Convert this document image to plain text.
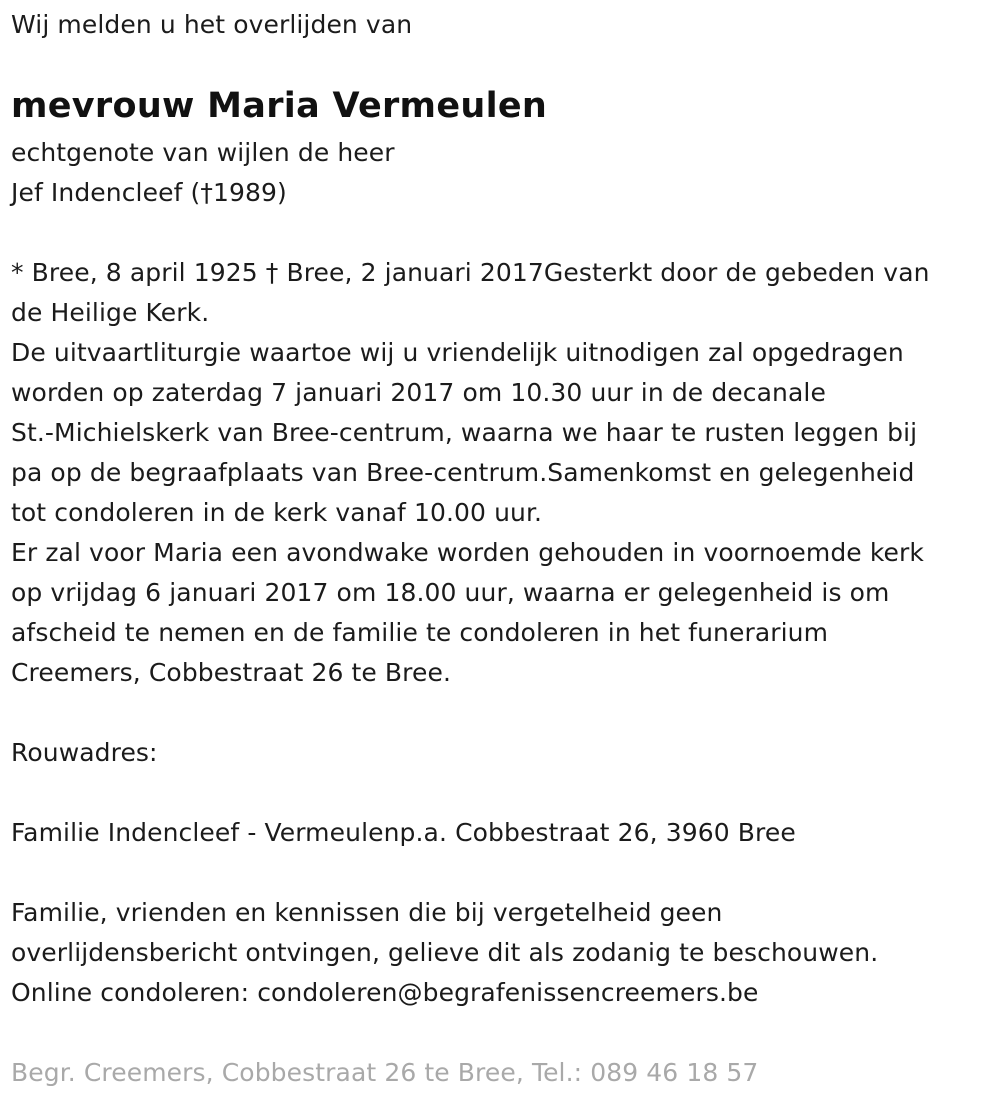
Wij melden u het overlijden van
mevrouw Maria Vermeulen
echtgenote van wijlen de heer
Jef Indencleef (†1989)
* Bree, 8 april 1925 † Bree, 2 januari 2017Gesterkt door de gebeden van
de Heilige Kerk.
De uitvaartliturgie waartoe wij u vriendelijk uitnodigen zal opgedragen
worden op zaterdag 7 januari 2017 om 10.30 uur in de decanale
St.-Michielskerk van Bree-centrum, waarna we haar te rusten leggen bij
pa op de begraafplaats van Bree-centrum.Samenkomst en gelegenheid
tot condoleren in de kerk vanaf 10.00 uur.
Er zal voor Maria een avondwake worden gehouden in voornoemde kerk
op vrijdag 6 januari 2017 om 18.00 uur, waarna er gelegenheid is om
afscheid te nemen en de familie te condoleren in het funerarium
Creemers, Cobbestraat 26 te Bree.
Rouwadres:
Familie Indencleef - Vermeulenp.a. Cobbestraat 26, 3960 Bree
Familie, vrienden en kennissen die bij vergetelheid geen
overlijdensbericht ontvingen, gelieve dit als zodanig te beschouwen.
Online condoleren: condoleren@begrafenissencreemers.be
Begr. Creemers, Cobbestraat 26 te Bree, Tel.: 089 46 18 57
